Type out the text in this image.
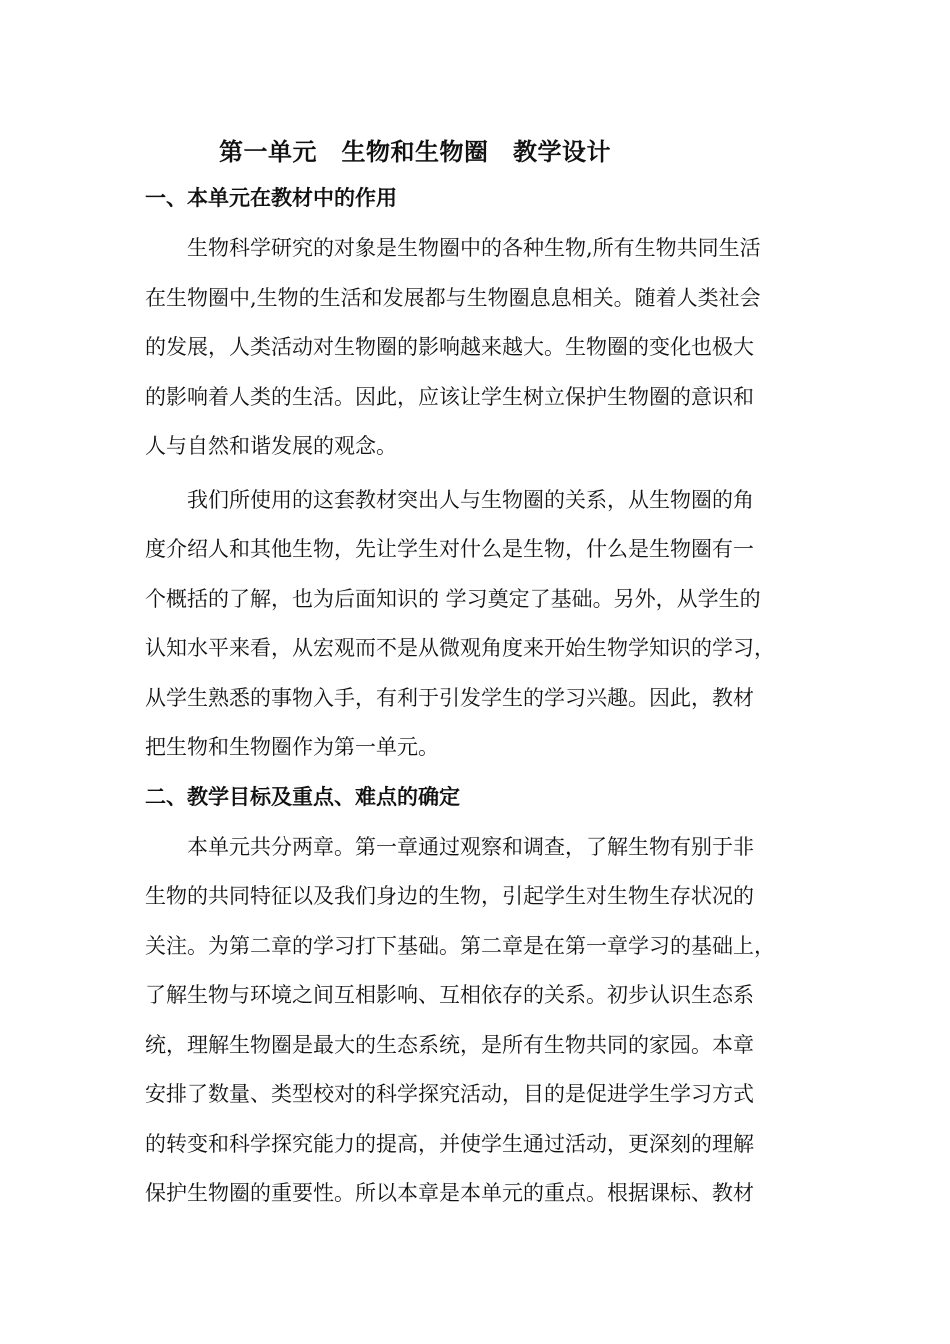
第一单元　生物和生物圈　教学设计
一、本单元在教材中的作用
生物科学研究的对象是生物圈中的各种生物,所有生物共同生活
在生物圈中,生物的生活和发展都与生物圈息息相关。随着人类社会
的发展，人类活动对生物圈的影响越来越大。生物圈的变化也极大
的影响着人类的生活。因此，应该让学生树立保护生物圈的意识和
人与自然和谐发展的观念。
我们所使用的这套教材突出人与生物圈的关系，从生物圈的角
度介绍人和其他生物，先让学生对什么是生物，什么是生物圈有一
个概括的了解，也为后面知识的 学习奠定了基础。另外，从学生的
认知水平来看，从宏观而不是从微观角度来开始生物学知识的学习，
从学生熟悉的事物入手，有利于引发学生的学习兴趣。因此，教材
把生物和生物圈作为第一单元。
二、教学目标及重点、难点的确定
本单元共分两章。第一章通过观察和调查，了解生物有别于非
生物的共同特征以及我们身边的生物，引起学生对生物生存状况的
关注。为第二章的学习打下基础。第二章是在第一章学习的基础上，
了解生物与环境之间互相影响、互相依存的关系。初步认识生态系
统，理解生物圈是最大的生态系统，是所有生物共同的家园。本章
安排了数量、类型校对的科学探究活动，目的是促进学生学习方式
的转变和科学探究能力的提高，并使学生通过活动，更深刻的理解
保护生物圈的重要性。所以本章是本单元的重点。根据课标、教材
